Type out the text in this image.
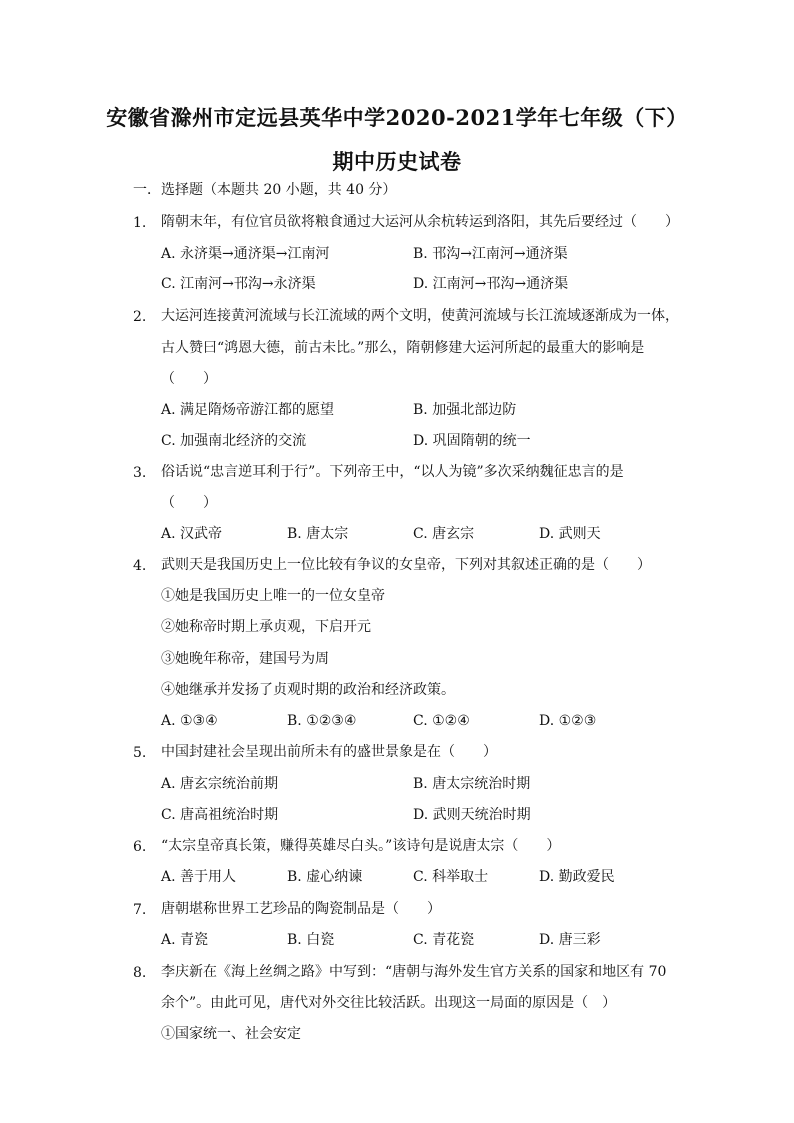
安徽省滁州市定远县英华中学2020-2021学年七年级（下）
期中历史试卷
一．选择题（本题共 20 小题，共 40 分）
1. 隋朝末年，有位官员欲将粮食通过大运河从余杭转运到洛阳，其先后要经过（　　）
A. 永济渠→通济渠→江南河	B. 邗沟→江南河→通济渠
C. 江南河→邗沟→永济渠	D. 江南河→邗沟→通济渠
2. 大运河连接黄河流域与长江流域的两个文明，使黄河流域与长江流域逐渐成为一体，
古人赞曰“鸿恩大德，前古未比。”那么，隋朝修建大运河所起的最重大的影响是
（　　）
A. 满足隋炀帝游江都的愿望	B. 加强北部边防
C. 加强南北经济的交流	D. 巩固隋朝的统一
3. 俗话说“忠言逆耳利于行”。下列帝王中，“以人为镜”多次采纳魏征忠言的是
（　　）
A. 汉武帝	B. 唐太宗	C. 唐玄宗	D. 武则天
4. 武则天是我国历史上一位比较有争议的女皇帝，下列对其叙述正确的是（　　）
①她是我国历史上唯一的一位女皇帝
②她称帝时期上承贞观，下启开元
③她晚年称帝，建国号为周
④她继承并发扬了贞观时期的政治和经济政策。
A. ①③④	B. ①②③④	C. ①②④	D. ①②③
5. 中国封建社会呈现出前所未有的盛世景象是在（　　）
A. 唐玄宗统治前期	B. 唐太宗统治时期
C. 唐高祖统治时期	D. 武则天统治时期
6. “太宗皇帝真长策，赚得英雄尽白头。”该诗句是说唐太宗（　　）
A. 善于用人	B. 虚心纳谏	C. 科举取士	D. 勤政爱民
7. 唐朝堪称世界工艺珍品的陶瓷制品是（　　）
A. 青瓷	B. 白瓷	C. 青花瓷	D. 唐三彩
8. 李庆新在《海上丝绸之路》中写到：“唐朝与海外发生官方关系的国家和地区有 70
余个”。由此可见，唐代对外交往比较活跃。出现这一局面的原因是（　）
①国家统一、社会安定
